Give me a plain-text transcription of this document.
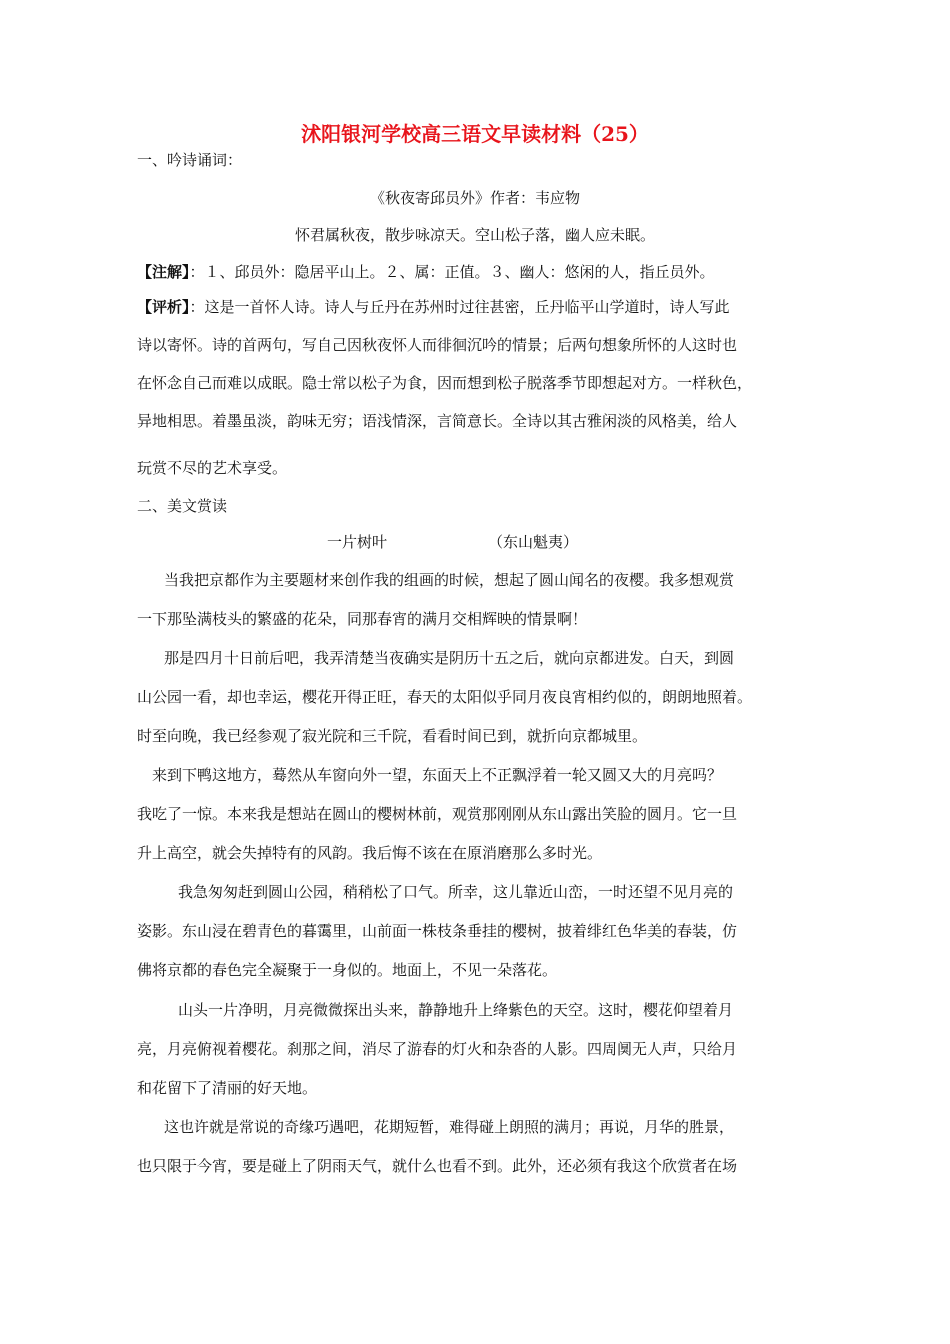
沭阳银河学校高三语文早读材料（25）
一、吟诗诵词：
《秋夜寄邱员外》作者：韦应物
怀君属秋夜，散步咏凉天。空山松子落，幽人应未眠。
【注解】：１、邱员外：隐居平山上。２、属：正值。３、幽人：悠闲的人，指丘员外。
【评析】：这是一首怀人诗。诗人与丘丹在苏州时过往甚密，丘丹临平山学道时，诗人写此
诗以寄怀。诗的首两句，写自己因秋夜怀人而徘徊沉吟的情景；后两句想象所怀的人这时也
在怀念自己而难以成眠。隐士常以松子为食，因而想到松子脱落季节即想起对方。一样秋色，
异地相思。着墨虽淡，韵味无穷；语浅情深，言简意长。全诗以其古雅闲淡的风格美，给人
玩赏不尽的艺术享受。
二、美文赏读
一片树叶	（东山魁夷）
当我把京都作为主要题材来创作我的组画的时候，想起了圆山闻名的夜樱。我多想观赏
一下那坠满枝头的繁盛的花朵，同那春宵的满月交相辉映的情景啊！
那是四月十日前后吧，我弄清楚当夜确实是阴历十五之后，就向京都进发。白天，到圆
山公园一看，却也幸运，樱花开得正旺，春天的太阳似乎同月夜良宵相约似的，朗朗地照着。
时至向晚，我已经参观了寂光院和三千院，看看时间已到，就折向京都城里。
来到下鸭这地方，蓦然从车窗向外一望，东面天上不正飘浮着一轮又圆又大的月亮吗？
我吃了一惊。本来我是想站在圆山的樱树林前，观赏那刚刚从东山露出笑脸的圆月。它一旦
升上高空，就会失掉特有的风韵。我后悔不该在在原消磨那么多时光。
我急匆匆赶到圆山公园，稍稍松了口气。所幸，这儿靠近山峦，一时还望不见月亮的
姿影。东山浸在碧青色的暮霭里，山前面一株枝条垂挂的樱树，披着绯红色华美的春装，仿
佛将京都的春色完全凝聚于一身似的。地面上，不见一朵落花。
山头一片净明，月亮微微探出头来，静静地升上绛紫色的天空。这时，樱花仰望着月
亮，月亮俯视着樱花。刹那之间，消尽了游春的灯火和杂沓的人影。四周阒无人声，只给月
和花留下了清丽的好天地。
这也许就是常说的奇缘巧遇吧，花期短暂，难得碰上朗照的满月；再说，月华的胜景，
也只限于今宵，要是碰上了阴雨天气，就什么也看不到。此外，还必须有我这个欣赏者在场
